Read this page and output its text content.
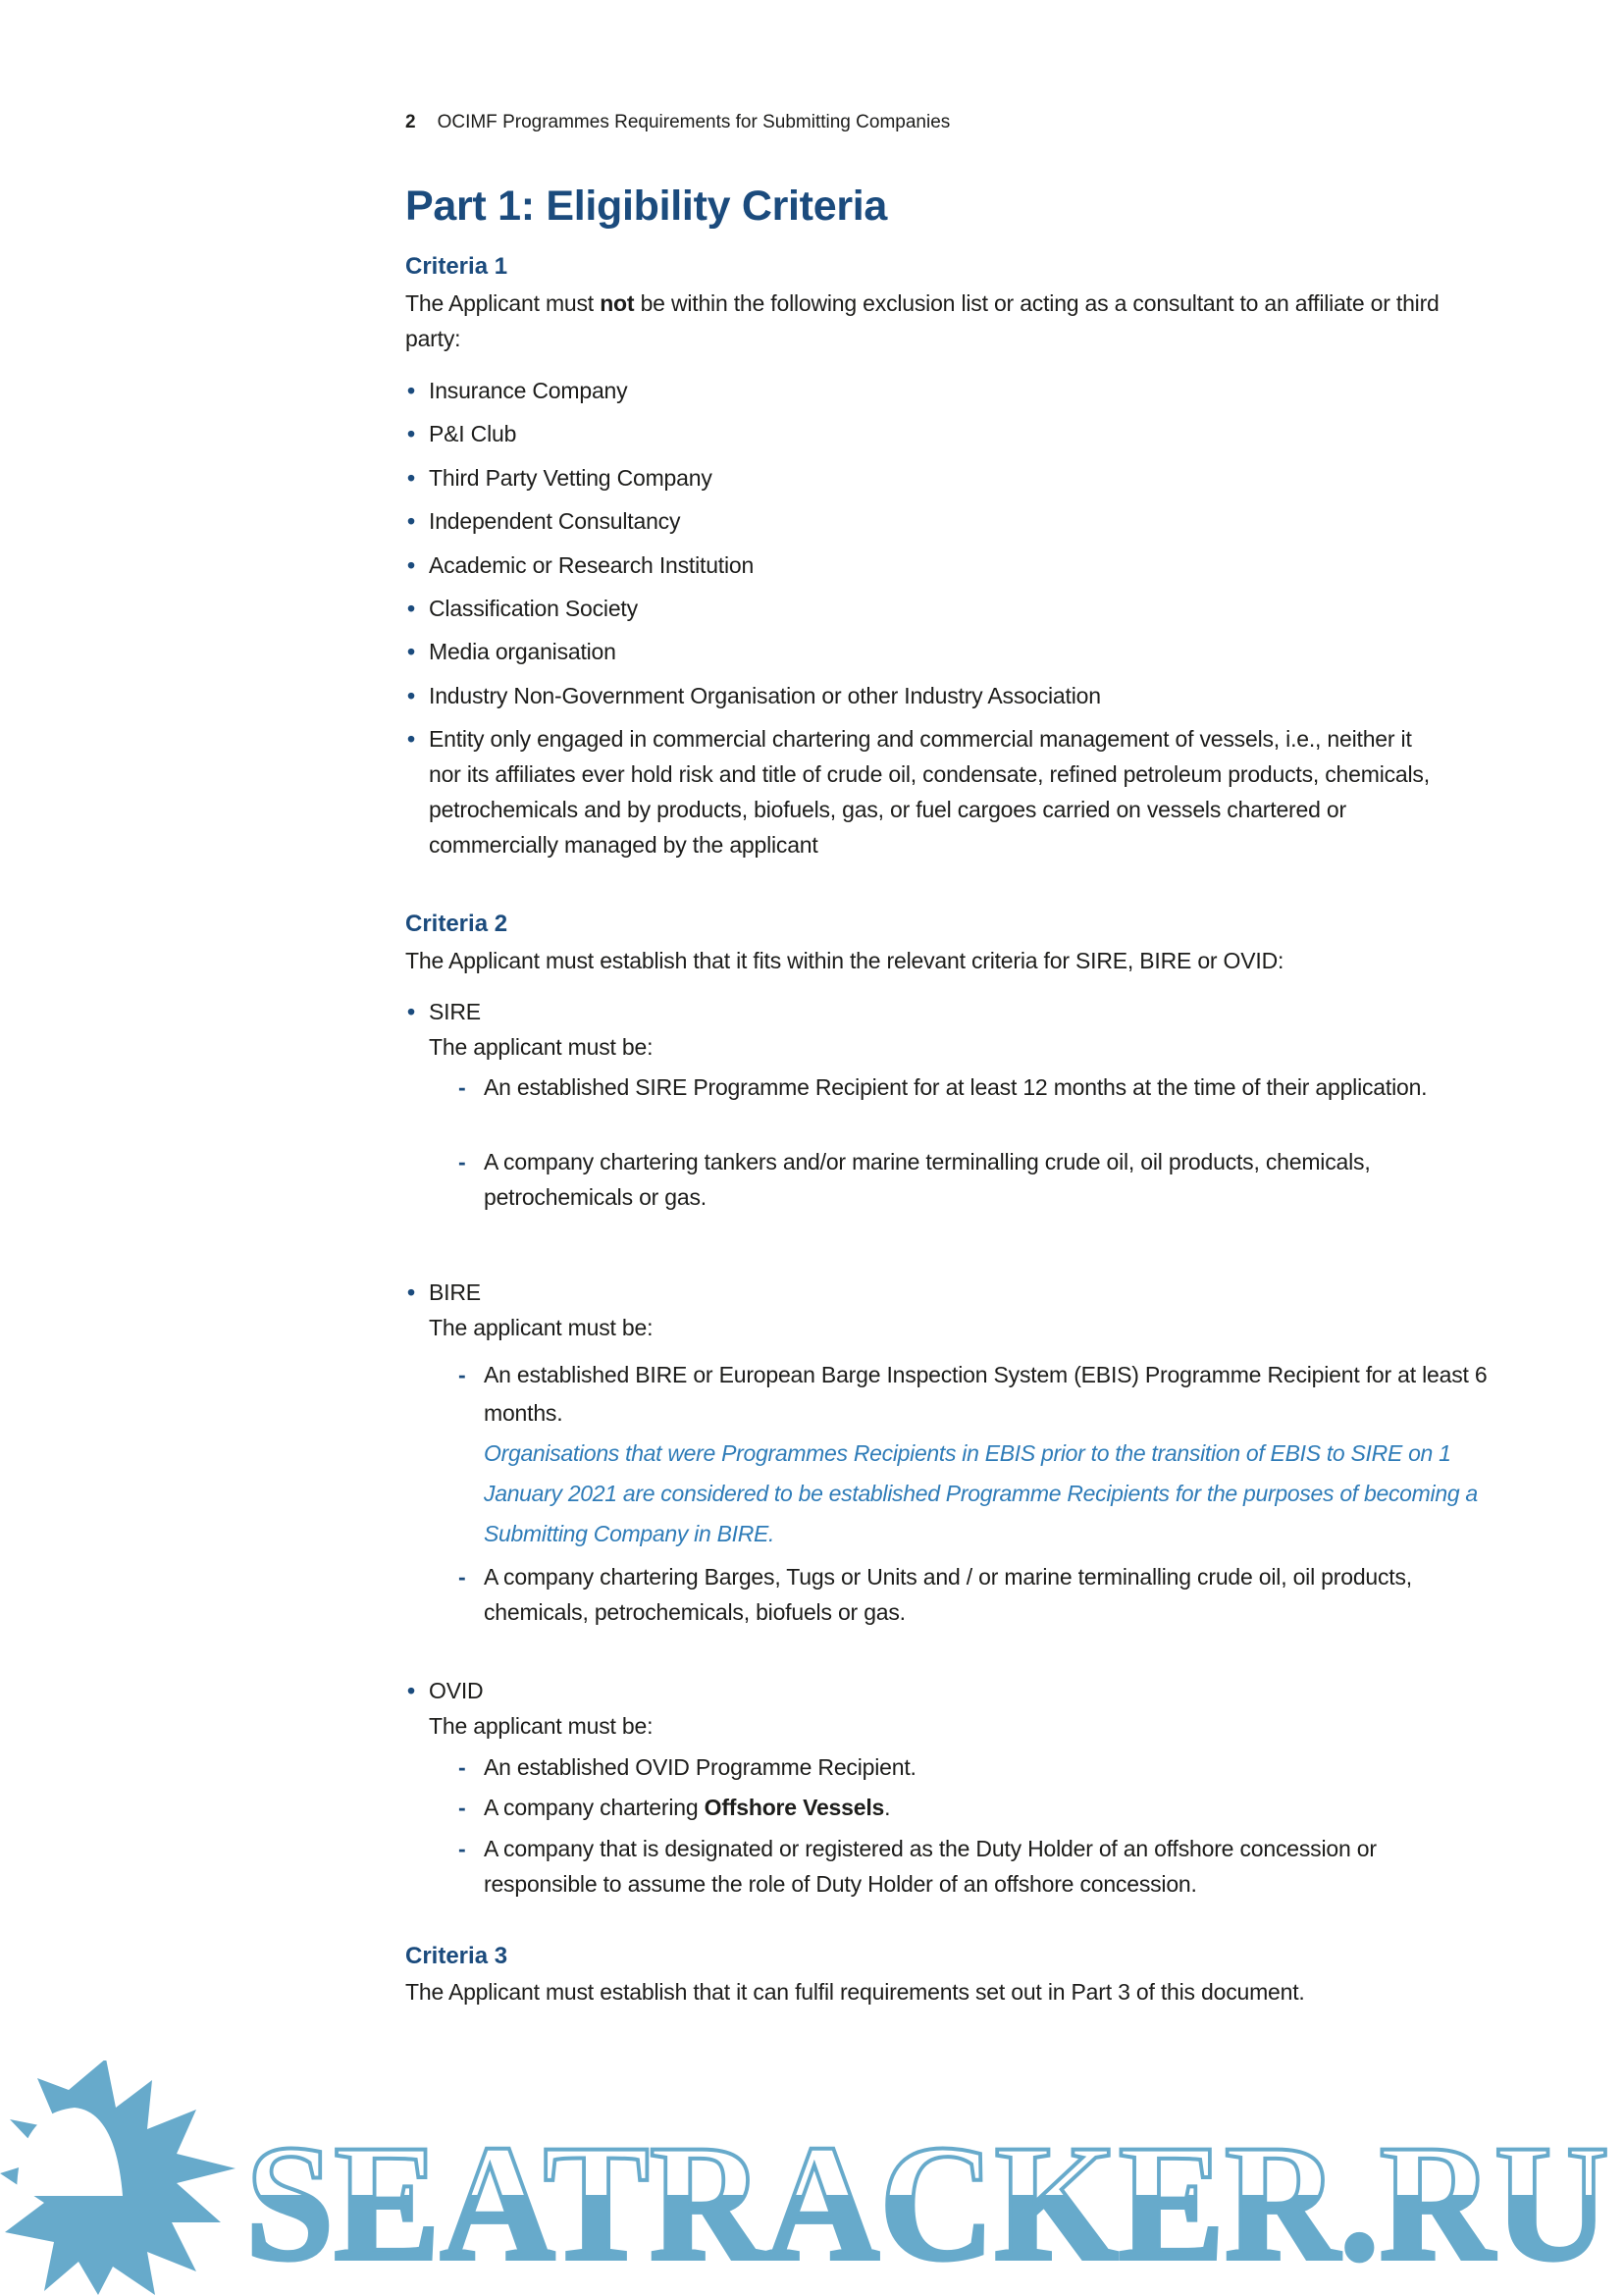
2 OCIMF Programmes Requirements for Submitting Companies
Part 1: Eligibility Criteria
Criteria 1
The Applicant must not be within the following exclusion list or acting as a consultant to an affiliate or third party:
• Insurance Company
• P&I Club
• Third Party Vetting Company
• Independent Consultancy
• Academic or Research Institution
• Classification Society
• Media organisation
• Industry Non-Government Organisation or other Industry Association
• Entity only engaged in commercial chartering and commercial management of vessels, i.e., neither it nor its affiliates ever hold risk and title of crude oil, condensate, refined petroleum products, chemicals, petrochemicals and by products, biofuels, gas, or fuel cargoes carried on vessels chartered or commercially managed by the applicant
Criteria 2
The Applicant must establish that it fits within the relevant criteria for SIRE, BIRE or OVID:
• SIRE
The applicant must be:
- An established SIRE Programme Recipient for at least 12 months at the time of their application.
- A company chartering tankers and/or marine terminalling crude oil, oil products, chemicals, petrochemicals or gas.
• BIRE
The applicant must be:
- An established BIRE or European Barge Inspection System (EBIS) Programme Recipient for at least 6 months.
Organisations that were Programmes Recipients in EBIS prior to the transition of EBIS to SIRE on 1 January 2021 are considered to be established Programme Recipients for the purposes of becoming a Submitting Company in BIRE.
- A company chartering Barges, Tugs or Units and / or marine terminalling crude oil, oil products, chemicals, petrochemicals, biofuels or gas.
• OVID
The applicant must be:
- An established OVID Programme Recipient.
- A company chartering Offshore Vessels.
- A company that is designated or registered as the Duty Holder of an offshore concession or responsible to assume the role of Duty Holder of an offshore concession.
Criteria 3
The Applicant must establish that it can fulfil requirements set out in Part 3 of this document.
SEATRACKER.RU
